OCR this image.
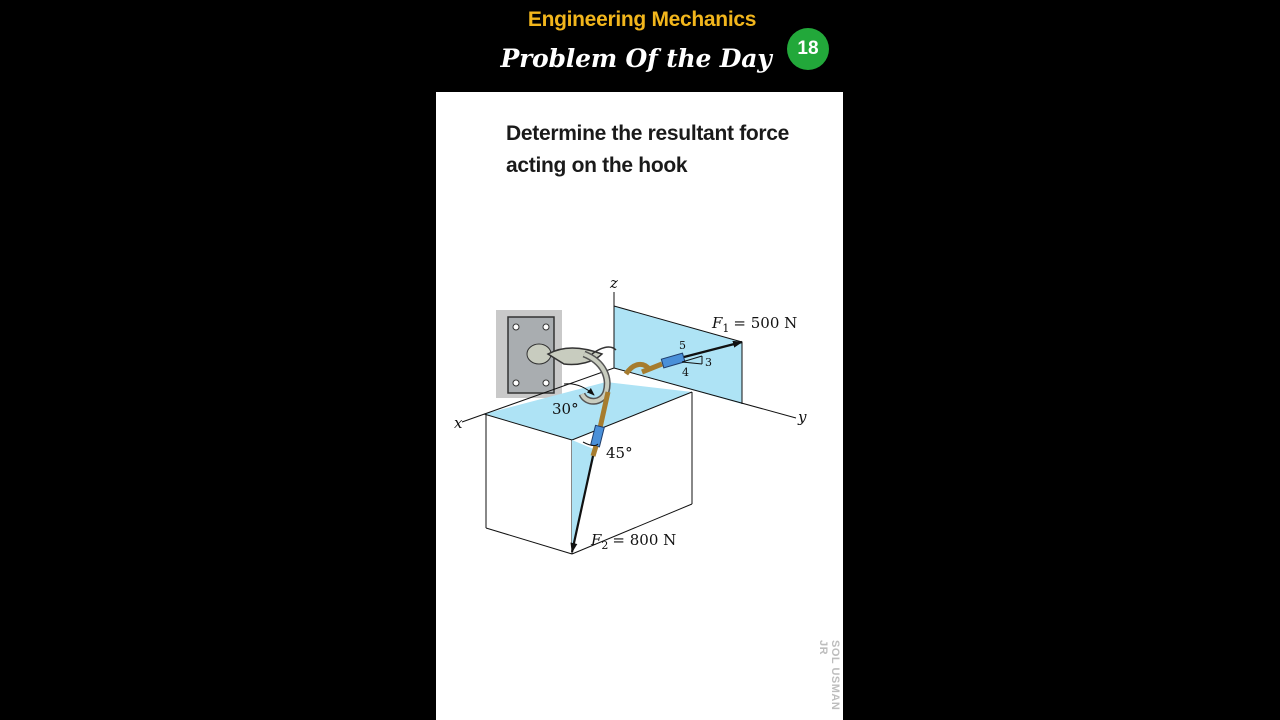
Engineering Mechanics
Problem Of the Day	18
Determine the resultant force acting on the hook
z
x	y
$F_1 = 500$ N
5
3
4
$F_2 = 800$ N
30°
45°
SOL USMAN JR
